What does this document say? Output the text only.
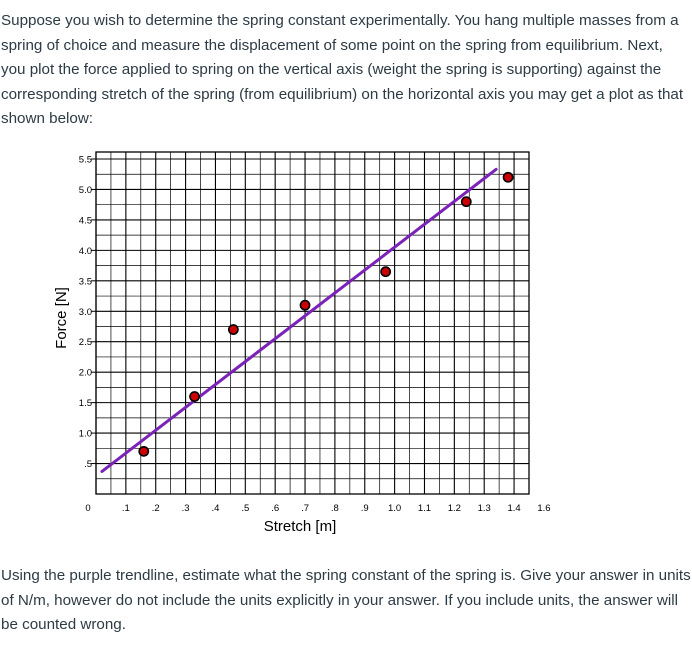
Suppose you wish to determine the spring constant experimentally. You hang multiple masses from a spring of choice and measure the displacement of some point on the spring from equilibrium. Next, you plot the force applied to spring on the vertical axis (weight the spring is supporting) against the corresponding stretch of the spring (from equilibrium) on the horizontal axis you may get a plot as that shown below:

.5
1.0
1.5
2.0
2.5
3.0
3.5
4.0
4.5
5.0
5.5
0	.1 .2 .3 .4 .5 .6 .7 .8 .9 1.0 1.1 1.2 1.3 1.4 1.6
Force [N]
Stretch [m]

Using the purple trendline, estimate what the spring constant of the spring is. Give your answer in units of N/m, however do not include the units explicitly in your answer. If you include units, the answer will be counted wrong.
